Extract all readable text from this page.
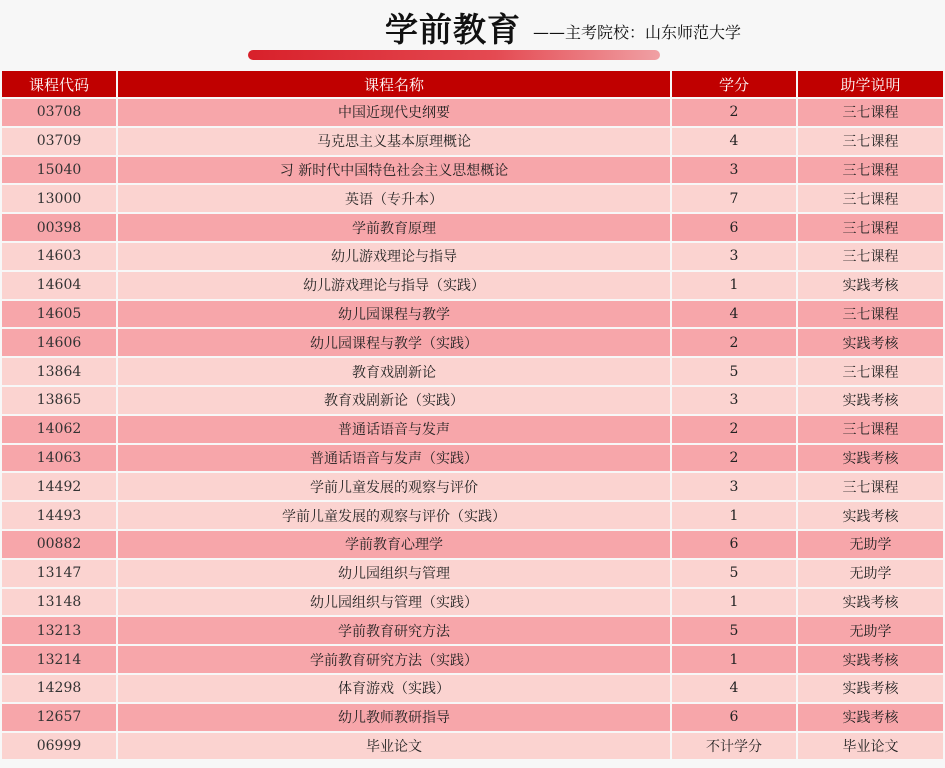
学前教育 ——主考院校：山东师范大学
课程代码	课程名称	学分	助学说明
03708	中国近现代史纲要	2	三七课程
03709	马克思主义基本原理概论	4	三七课程
15040	习 新时代中国特色社会主义思想概论	3	三七课程
13000	英语（专升本）	7	三七课程
00398	学前教育原理	6	三七课程
14603	幼儿游戏理论与指导	3	三七课程
14604	幼儿游戏理论与指导（实践）	1	实践考核
14605	幼儿园课程与教学	4	三七课程
14606	幼儿园课程与教学（实践）	2	实践考核
13864	教育戏剧新论	5	三七课程
13865	教育戏剧新论（实践）	3	实践考核
14062	普通话语音与发声	2	三七课程
14063	普通话语音与发声（实践）	2	实践考核
14492	学前儿童发展的观察与评价	3	三七课程
14493	学前儿童发展的观察与评价（实践）	1	实践考核
00882	学前教育心理学	6	无助学
13147	幼儿园组织与管理	5	无助学
13148	幼儿园组织与管理（实践）	1	实践考核
13213	学前教育研究方法	5	无助学
13214	学前教育研究方法（实践）	1	实践考核
14298	体育游戏（实践）	4	实践考核
12657	幼儿教师教研指导	6	实践考核
06999	毕业论文	不计学分	毕业论文
